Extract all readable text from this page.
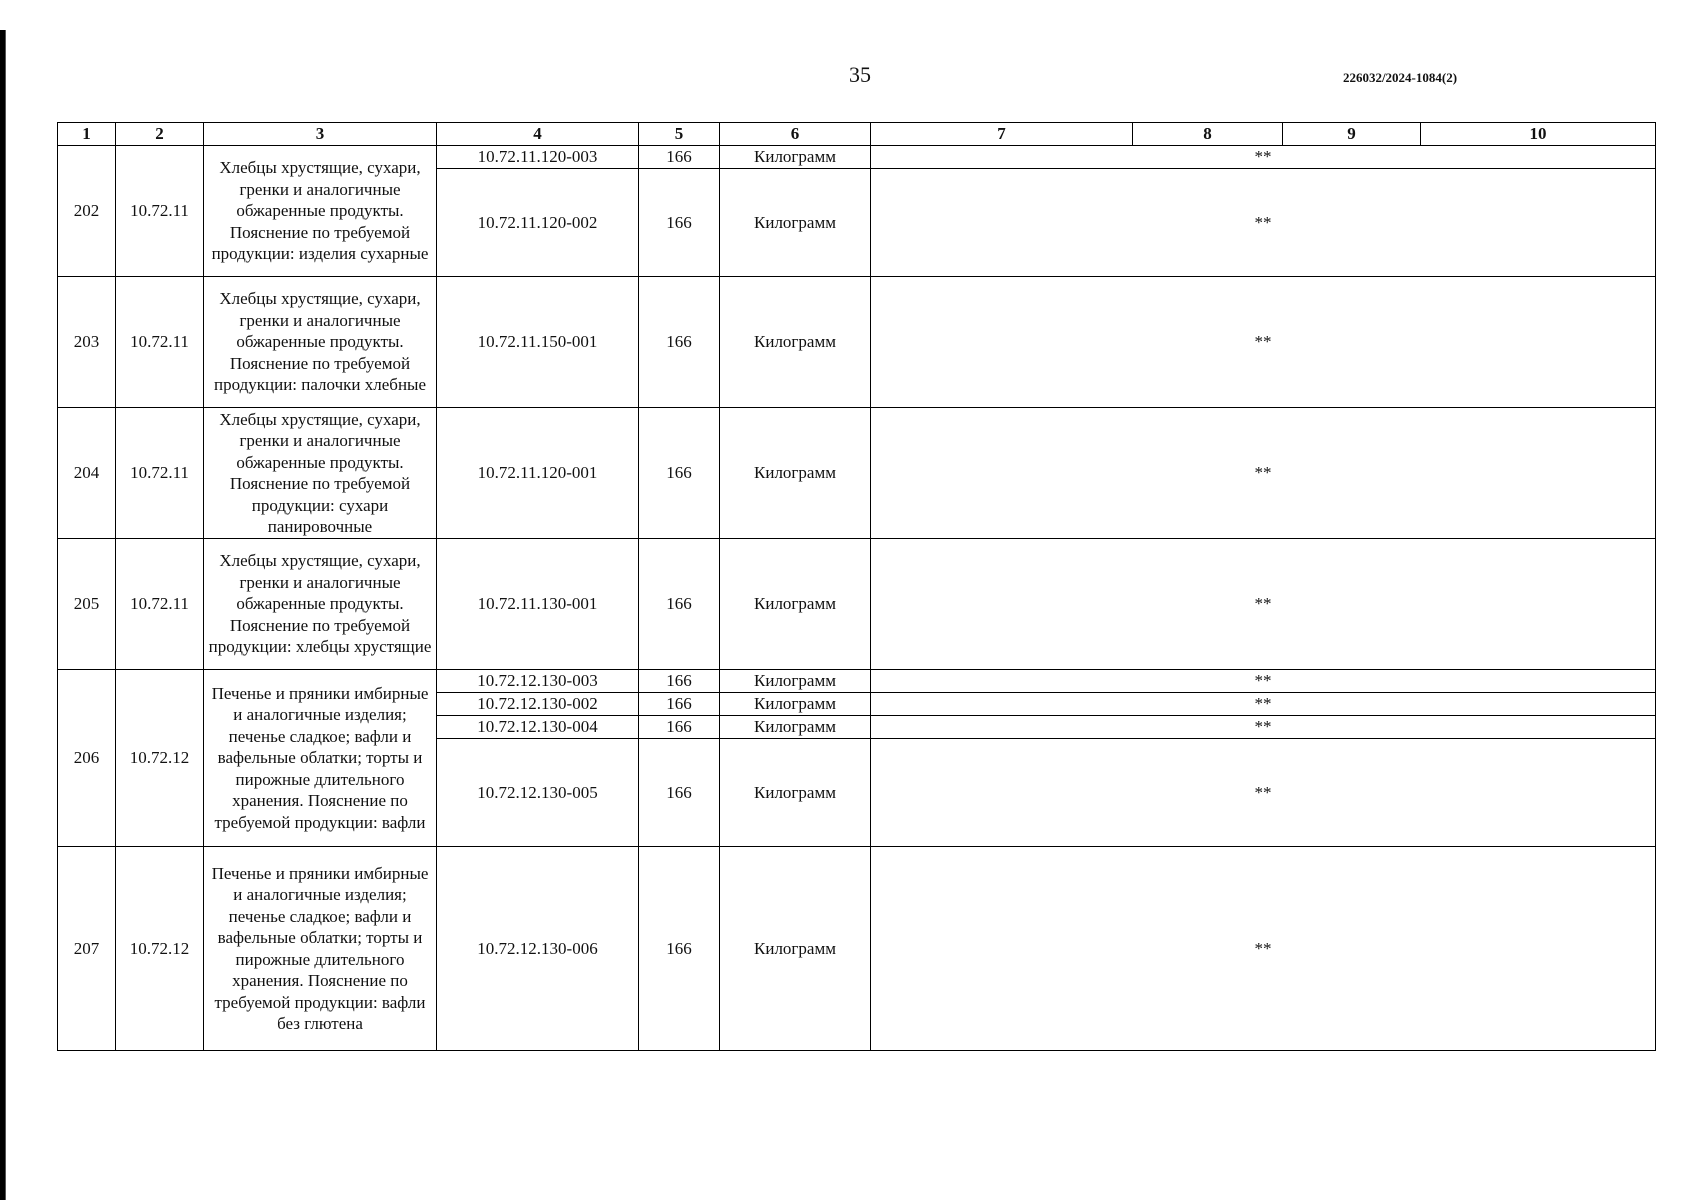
35	226032/2024-1084(2)
1	2	3	4	5	6	7	8	9	10
202	10.72.11	Хлебцы хрустящие, сухари, гренки и аналогичные обжаренные продукты. Пояснение по требуемой продукции: изделия сухарные	10.72.11.120-003	166	Килограмм	**			
			10.72.11.120-002	166	Килограмм	**			
203	10.72.11	Хлебцы хрустящие, сухари, гренки и аналогичные обжаренные продукты. Пояснение по требуемой продукции: палочки хлебные	10.72.11.150-001	166	Килограмм	**			
204	10.72.11	Хлебцы хрустящие, сухари, гренки и аналогичные обжаренные продукты. Пояснение по требуемой продукции: сухари панировочные	10.72.11.120-001	166	Килограмм	**			
205	10.72.11	Хлебцы хрустящие, сухари, гренки и аналогичные обжаренные продукты. Пояснение по требуемой продукции: хлебцы хрустящие	10.72.11.130-001	166	Килограмм	**			
206	10.72.12	Печенье и пряники имбирные и аналогичные изделия; печенье сладкое; вафли и вафельные облатки; торты и пирожные длительного хранения. Пояснение по требуемой продукции: вафли	10.72.12.130-003	166	Килограмм	**			
			10.72.12.130-002	166	Килограмм	**			
			10.72.12.130-004	166	Килограмм	**			
			10.72.12.130-005	166	Килограмм	**			
207	10.72.12	Печенье и пряники имбирные и аналогичные изделия; печенье сладкое; вафли и вафельные облатки; торты и пирожные длительного хранения. Пояснение по требуемой продукции: вафли без глютена	10.72.12.130-006	166	Килограмм	**			
